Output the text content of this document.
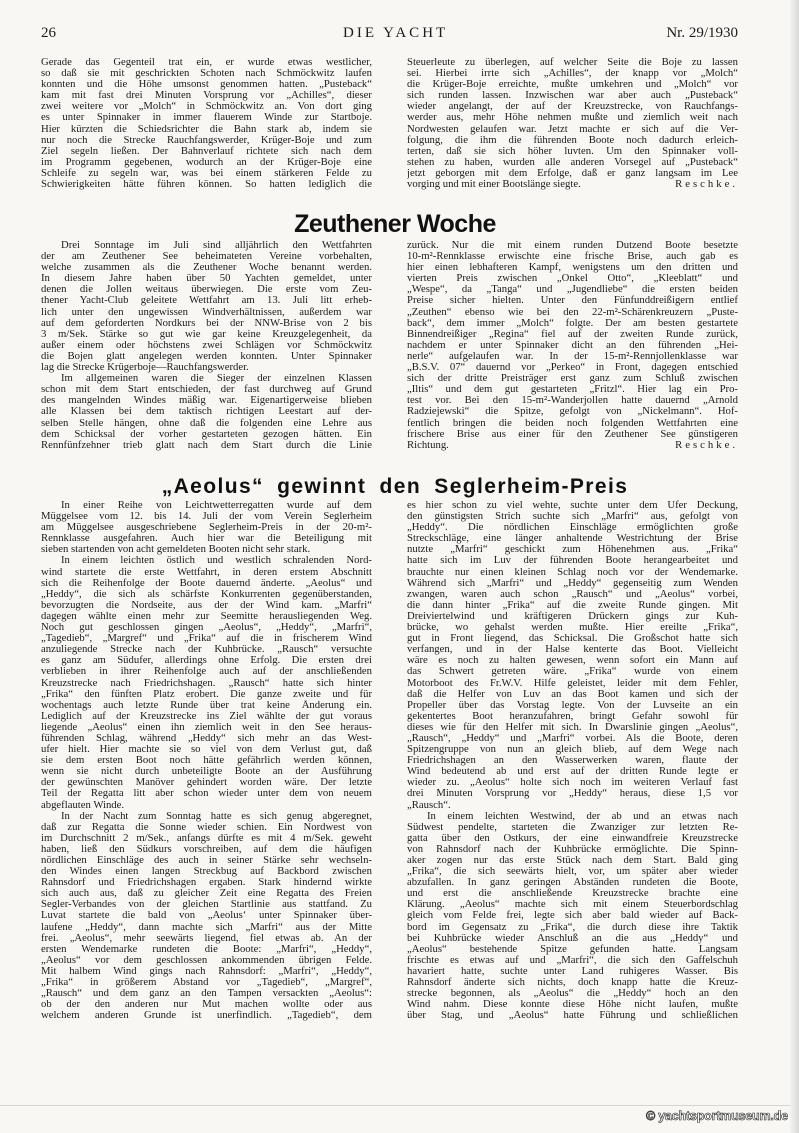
26	DIE YACHT	Nr. 29/1930
Gerade das Gegenteil trat ein, er wurde etwas westlicher,
so daß sie mit geschrickten Schoten nach Schmöckwitz laufen
konnten und die Höhe umsonst genommen hatten. „Pusteback“
kam mit fast drei Minuten Vorsprung vor „Achilles“, dieser
zwei weitere vor „Molch“ in Schmöckwitz an. Von dort ging
es unter Spinnaker in immer flauerem Winde zur Startboje.
Hier kürzten die Schiedsrichter die Bahn stark ab, indem sie
nur noch die Strecke Rauchfangswerder, Krüger-Boje und zum
Ziel segeln ließen. Der Bahnverlauf richtete sich nach dem
im Programm gegebenen, wodurch an der Krüger-Boje eine
Schleife zu segeln war, was bei einem stärkeren Felde zu
Schwierigkeiten hätte führen können. So hatten lediglich die
Steuerleute zu überlegen, auf welcher Seite die Boje zu lassen
sei. Hierbei irrte sich „Achilles“, der knapp vor „Molch“
die Krüger-Boje erreichte, mußte umkehren und „Molch“ vor
sich runden lassen. Inzwischen war aber auch „Pusteback“
wieder angelangt, der auf der Kreuzstrecke, von Rauchfangs-
werder aus, mehr Höhe nehmen mußte und ziemlich weit nach
Nordwesten gelaufen war. Jetzt machte er sich auf die Ver-
folgung, die ihm die führenden Boote noch dadurch erleich-
terten, daß sie sich höher luvten. Um den Spinnaker voll-
stehen zu haben, wurden alle anderen Vorsegel auf „Pusteback“
jetzt geborgen mit dem Erfolge, daß er ganz langsam im Lee
Reschke.
vorging und mit einer Bootslänge siegte.
Zeuthener Woche
Drei Sonntage im Juli sind alljährlich den Wettfahrten
der am Zeuthener See beheimateten Vereine vorbehalten,
welche zusammen als die Zeuthener Woche benannt werden.
In diesem Jahre haben über 50 Yachten gemeldet, unter
denen die Jollen weitaus überwiegen. Die erste vom Zeu-
thener Yacht-Club geleitete Wettfahrt am 13. Juli litt erheb-
lich unter den ungewissen Windverhältnissen, außerdem war
auf dem geforderten Nordkurs bei der NNW-Brise von 2 bis
3 m/Sek. Stärke so gut wie gar keine Kreuzgelegenheit, da
außer einem oder höchstens zwei Schlägen vor Schmöckwitz
die Bojen glatt angelegen werden konnten. Unter Spinnaker
lag die Strecke Krügerboje—Rauchfangswerder.
Im allgemeinen waren die Sieger der einzelnen Klassen
schon mit dem Start entschieden, der fast durchweg auf Grund
des mangelnden Windes mäßig war. Eigenartigerweise blieben
alle Klassen bei dem taktisch richtigen Leestart auf der-
selben Stelle hängen, ohne daß die folgenden eine Lehre aus
dem Schicksal der vorher gestarteten gezogen hätten. Ein
Rennfünfzehner trieb glatt nach dem Start durch die Linie
zurück. Nur die mit einem runden Dutzend Boote besetzte
10-m²-Rennklasse erwischte eine frische Brise, auch gab es
hier einen lebhafteren Kampf, wenigstens um den dritten und
vierten Preis zwischen „Onkel Otto“, „Kleeblatt“ und
„Wespe“, da „Tanga“ und „Jugendliebe“ die ersten beiden
Preise sicher hielten. Unter den Fünfunddreißigern entlief
„Zeuthen“ ebenso wie bei den 22-m²-Schärenkreuzern „Puste-
back“, dem immer „Molch“ folgte. Der am besten gestartete
Binnendreißiger „Regina“ fiel auf der zweiten Runde zurück,
nachdem er unter Spinnaker dicht an den führenden „Hei-
nerle“ aufgelaufen war. In der 15-m²-Rennjollenklasse war
„B.S.V. 07“ dauernd vor „Perkeo“ in Front, dagegen entschied
sich der dritte Preisträger erst ganz zum Schluß zwischen
„Iltis“ und dem gut gestarteten „Fritzl“. Hier lag ein Pro-
test vor. Bei den 15-m²-Wanderjollen hatte dauernd „Arnold
Radziejewski“ die Spitze, gefolgt von „Nickelmann“. Hof-
fentlich bringen die beiden noch folgenden Wettfahrten eine
frischere Brise aus einer für den Zeuthener See günstigeren
Reschke.
Richtung.
„Aeolus“ gewinnt den Seglerheim-Preis
In einer Reihe von Leichtwetterregatten wurde auf dem
Müggelsee vom 12. bis 14. Juli der vom Verein Seglerheim
am Müggelsee ausgeschriebene Seglerheim-Preis in der 20-m²-
Rennklasse ausgefahren. Auch hier war die Beteiligung mit
sieben startenden von acht gemeldeten Booten nicht sehr stark.
In einem leichten östlich und westlich schralenden Nord-
wind startete die erste Wettfahrt, in deren erstem Abschnitt
sich die Reihenfolge der Boote dauernd änderte. „Aeolus“ und
„Heddy“, die sich als schärfste Konkurrenten gegenüberstanden,
bevorzugten die Nordseite, aus der der Wind kam. „Marfri“
dagegen wählte einen mehr zur Seemitte herausliegenden Weg.
Noch gut geschlossen gingen „Aeolus“, „Heddy“, „Marfri“,
„Tagedieb“, „Margref“ und „Frika“ auf die in frischerem Wind
anzuliegende Strecke nach der Kuhbrücke. „Rausch“ versuchte
es ganz am Südufer, allerdings ohne Erfolg. Die ersten drei
verblieben in ihrer Reihenfolge auch auf der anschließenden
Kreuzstrecke nach Friedrichshagen. „Rausch“ hatte sich hinter
„Frika“ den fünften Platz erobert. Die ganze zweite und für
wochentags auch letzte Runde über trat keine Änderung ein.
Lediglich auf der Kreuzstrecke ins Ziel wählte der gut voraus
liegende „Aeolus“ einen ihn ziemlich weit in den See heraus-
führenden Schlag, während „Heddy“ sich mehr an das West-
ufer hielt. Hier machte sie so viel von dem Verlust gut, daß
sie dem ersten Boot noch hätte gefährlich werden können,
wenn sie nicht durch unbeteiligte Boote an der Ausführung
der gewünschten Manöver gehindert worden wäre. Der letzte
Teil der Regatta litt aber schon wieder unter dem von neuem
abgeflauten Winde.
In der Nacht zum Sonntag hatte es sich genug abgeregnet,
daß zur Regatta die Sonne wieder schien. Ein Nordwest von
im Durchschnitt 2 m/Sek., anfangs dürfte es mit 4 m/Sek. geweht
haben, ließ den Südkurs vorschreiben, auf dem die häufigen
nördlichen Einschläge des auch in seiner Stärke sehr wechseln-
den Windes einen langen Streckbug auf Backbord zwischen
Rahnsdorf und Friedrichshagen ergaben. Stark hindernd wirkte
sich auch aus, daß zu gleicher Zeit eine Regatta des Freien
Segler-Verbandes von der gleichen Startlinie aus stattfand. Zu
Luvat startete die bald von „Aeolus‘ unter Spinnaker über-
laufene „Heddy“, dann machte sich „Marfri“ aus der Mitte
frei. „Aeolus“, mehr seewärts liegend, fiel etwas ab. An der
ersten Wendemarke rundeten die Boote: „Marfri“, „Heddy“,
„Aeolus“ vor dem geschlossen ankommenden übrigen Felde.
Mit halbem Wind gings nach Rahnsdorf: „Marfri“, „Heddy“,
„Frika“ in größerem Abstand vor „Tagedieb“, „Margref“,
„Rausch“ und dem ganz an den Tampen versackten „Aeolus“:
ob der den anderen nur Mut machen wollte oder aus
welchem anderen Grunde ist unerfindlich. „Tagedieb“, dem
es hier schon zu viel wehte, suchte unter dem Ufer Deckung,
den günstigsten Strich suchte sich „Marfri“ aus, gefolgt von
„Heddy“. Die nördlichen Einschläge ermöglichten große
Streckschläge, eine länger anhaltende Westrichtung der Brise
nutzte „Marfri“ geschickt zum Höhenehmen aus. „Frika“
hatte sich im Luv der führenden Boote herangearbeitet und
brauchte nur einen kleinen Schlag noch vor der Wendemarke.
Während sich „Marfri“ und „Heddy“ gegenseitig zum Wenden
zwangen, waren auch schon „Rausch“ und „Aeolus“ vorbei,
die dann hinter „Frika“ auf die zweite Runde gingen. Mit
Dreiviertelwind und kräftigeren Drückern gings zur Kuh-
brücke, wo gehalst werden mußte. Hier ereilte „Frika“,
gut in Front liegend, das Schicksal. Die Großschot hatte sich
verfangen, und in der Halse kenterte das Boot. Vielleicht
wäre es noch zu halten gewesen, wenn sofort ein Mann auf
das Schwert getreten wäre. „Frika“ wurde von einem
Motorboot des Fr.W.V. Hilfe geleistet, leider mit dem Fehler,
daß die Helfer von Luv an das Boot kamen und sich der
Propeller über das Vorstag legte. Von der Luvseite an ein
gekentertes Boot heranzufahren, bringt Gefahr sowohl für
dieses wie für den Helfer mit sich. In Dwarslinie gingen „Aeolus“,
„Rausch“, „Heddy“ und „Marfri“ vorbei. Als die Boote, deren
Spitzengruppe von nun an gleich blieb, auf dem Wege nach
Friedrichshagen an den Wasserwerken waren, flaute der
Wind bedeutend ab und erst auf der dritten Runde legte er
wieder zu. „Aeolus“ holte sich noch im weiteren Verlauf fast
drei Minuten Vorsprung vor „Heddy“ heraus, diese 1,5 vor
„Rausch“.
In einem leichten Westwind, der ab und an etwas nach
Südwest pendelte, starteten die Zwanziger zur letzten Re-
gatta über den Ostkurs, der eine einwandfreie Kreuzstrecke
von Rahnsdorf nach der Kuhbrücke ermöglichte. Die Spinn-
aker zogen nur das erste Stück nach dem Start. Bald ging
„Frika“, die sich seewärts hielt, vor, um später aber wieder
abzufallen. In ganz geringen Abständen rundeten die Boote,
und erst die anschließende Kreuzstrecke brachte eine
Klärung. „Aeolus“ machte sich mit einem Steuerbordschlag
gleich vom Felde frei, legte sich aber bald wieder auf Back-
bord im Gegensatz zu „Frika“, die durch diese ihre Taktik
bei Kuhbrücke wieder Anschluß an die aus „Heddy“ und
„Aeolus“ bestehende Spitze gefunden hatte. Langsam
frischte es etwas auf und „Marfri“, die sich den Gaffelschuh
havariert hatte, suchte unter Land ruhigeres Wasser. Bis
Rahnsdorf änderte sich nichts, doch knapp hatte die Kreuz-
strecke begonnen, als „Aeolus“ die „Heddy“ hoch an den
Wind nahm. Diese konnte diese Höhe nicht laufen, mußte
über Stag, und „Aeolus“ hatte Führung und schließlichen
© yachtsportmuseum.de
